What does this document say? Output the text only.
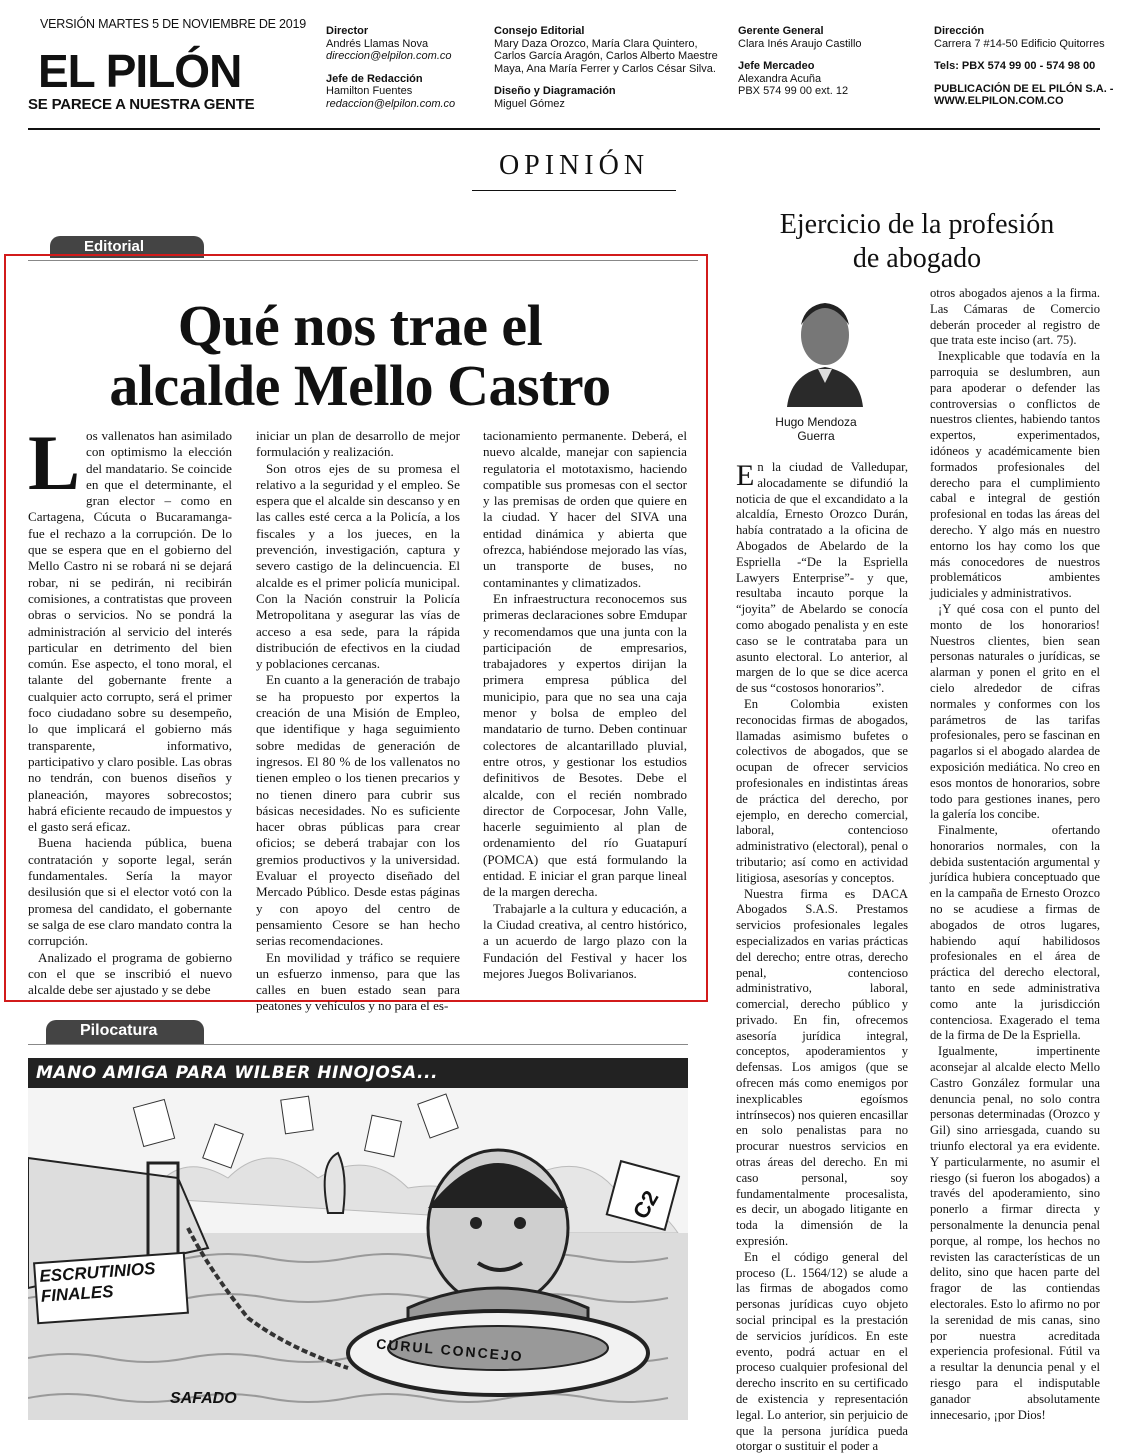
VERSIÓN MARTES 5 DE NOVIEMBRE DE 2019
EL PILÓN
SE PARECE A NUESTRA GENTE
Director
Andrés Llamas Nova
direccion@elpilon.com.co

Jefe de Redacción
Hamilton Fuentes
redaccion@elpilon.com.co
Consejo Editorial
Mary Daza Orozco, María Clara Quintero,
Carlos García Aragón, Carlos Alberto Maestre
Maya, Ana María Ferrer y Carlos César Silva.

Diseño y Diagramación
Miguel Gómez
Gerente General
Clara Inés Araujo Castillo

Jefe Mercadeo
Alexandra Acuña
PBX 574 99 00 ext. 12
Dirección
Carrera 7 #14-50 Edificio Quitorres

Tels: PBX 574 99 00 - 574 98 00

PUBLICACIÓN DE EL PILÓN S.A. -
WWW.ELPILON.COM.CO
OPINIÓN
Editorial
Qué nos trae el
alcalde Mello Castro
L os vallenatos han asimilado con optimismo la elección del mandatario. Se coincide en que el determinante, el gran elector – como en Cartagena, Cúcuta o Bucaramanga- fue el rechazo a la corrupción. De lo que se espera que en el gobierno del Mello Castro ni se robará ni se dejará robar, ni se pedirán, ni recibirán comisiones, a contratistas que proveen obras o servicios. No se pondrá la administración al servicio del interés particular en detrimento del bien común. Ese aspecto, el tono moral, el talante del gobernante frente a cualquier acto corrupto, será el primer foco ciudadano sobre su desempeño, lo que implicará el gobierno más transparente, informativo, participativo y claro posible. Las obras no tendrán, con buenos diseños y planeación, mayores sobrecostos; habrá eficiente recaudo de impuestos y el gasto será eficaz.

Buena hacienda pública, buena contratación y soporte legal, serán fundamentales. Sería la mayor desilusión que si el elector votó con la promesa del candidato, el gobernante se salga de ese claro mandato contra la corrupción.

Analizado el programa de gobierno con el que se inscribió el nuevo alcalde debe ser ajustado y se debe

iniciar un plan de desarrollo de mejor formulación y realización.

Son otros ejes de su promesa el relativo a la seguridad y el empleo. Se espera que el alcalde sin descanso y en las calles esté cerca a la Policía, a los fiscales y a los jueces, en la prevención, investigación, captura y severo castigo de la delincuencia. El alcalde es el primer policía municipal. Con la Nación construir la Policía Metropolitana y asegurar las vías de acceso a esa sede, para la rápida distribución de efectivos en la ciudad y poblaciones cercanas.

En cuanto a la generación de trabajo se ha propuesto por expertos la creación de una Misión de Empleo, que identifique y haga seguimiento sobre medidas de generación de ingresos. El 80 % de los vallenatos no tienen empleo o los tienen precarios y no tienen dinero para cubrir sus básicas necesidades. No es suficiente hacer obras públicas para crear oficios; se deberá trabajar con los gremios productivos y la universidad. Evaluar el proyecto diseñado del Mercado Público. Desde estas páginas y con apoyo del centro de pensamiento Cesore se han hecho serias recomendaciones.

En movilidad y tráfico se requiere un esfuerzo inmenso, para que las calles en buen estado sean para peatones y vehículos y no para el es-

tacionamiento permanente. Deberá, el nuevo alcalde, manejar con sapiencia regulatoria el mototaxismo, haciendo compatible sus promesas con el sector y las premisas de orden que quiere en la ciudad. Y hacer del SIVA una entidad dinámica y abierta que ofrezca, habiéndose mejorado las vías, un transporte de buses, no contaminantes y climatizados.

En infraestructura reconocemos sus primeras declaraciones sobre Emdupar y recomendamos que una junta con la participación de empresarios, trabajadores y expertos dirijan la primera empresa pública del municipio, para que no sea una caja menor y bolsa de empleo del mandatario de turno. Deben continuar colectores de alcantarillado pluvial, entre otros, y gestionar los estudios definitivos de Besotes. Debe el alcalde, con el recién nombrado director de Corpocesar, John Valle, hacerle seguimiento al plan de ordenamiento del río Guatapurí (POMCA) que está formulando la entidad. E iniciar el gran parque lineal de la margen derecha.

Trabajarle a la cultura y educación, a la Ciudad creativa, al centro histórico, a un acuerdo de largo plazo con la Fundación del Festival y hacer los mejores Juegos Bolivarianos.

Pilocatura
MANO AMIGA PARA WILBER HINOJOSA...
ESCRUTINIOS FINALES
CURUL CONCEJO
C2
SAFADO
Ejercicio de la profesión
de abogado
Hugo Mendoza
Guerra
E n la ciudad de Valledupar, alocadamente se difundió la noticia de que el excandidato a la alcaldía, Ernesto Orozco Durán, había contratado a la oficina de Abogados de Abelardo de la Espriella -“De la Espriella Lawyers Enterprise”- y que, resultaba incauto porque la “joyita” de Abelardo se conocía como abogado penalista y en este caso se le contrataba para un asunto electoral. Lo anterior, al margen de lo que se dice acerca de sus “costosos honorarios”.

En Colombia existen reconocidas firmas de abogados, llamadas asimismo bufetes o colectivos de abogados, que se ocupan de ofrecer servicios profesionales en indistintas áreas de práctica del derecho, por ejemplo, en derecho comercial, laboral, contencioso administrativo (electoral), penal o tributario; así como en actividad litigiosa, asesorías y conceptos.

Nuestra firma es DACA Abogados S.A.S. Prestamos servicios profesionales legales especializados en varias prácticas del derecho; entre otras, derecho penal, contencioso administrativo, laboral, comercial, derecho público y privado. En fin, ofrecemos asesoría jurídica integral, conceptos, apoderamientos y defensas. Los amigos (que se ofrecen más como enemigos por inexplicables egoísmos intrínsecos) nos quieren encasillar en solo penalistas para no procurar nuestros servicios en otras áreas del derecho. En mi caso personal, soy fundamentalmente procesalista, es decir, un abogado litigante en toda la dimensión de la expresión.

En el código general del proceso (L. 1564/12) se alude a las firmas de abogados como personas jurídicas cuyo objeto social principal es la prestación de servicios jurídicos. En este evento, podrá actuar en el proceso cualquier profesional del derecho inscrito en su certificado de existencia y representación legal. Lo anterior, sin perjuicio de que la persona jurídica pueda otorgar o sustituir el poder a

otros abogados ajenos a la firma. Las Cámaras de Comercio deberán proceder al registro de que trata este inciso (art. 75).

Inexplicable que todavía en la parroquia se deslumbren, aun para apoderar o defender las controversias o conflictos de nuestros clientes, habiendo tantos expertos, experimentados, idóneos y académicamente bien formados profesionales del derecho para el cumplimiento cabal e integral de gestión profesional en todas las áreas del derecho. Y algo más en nuestro entorno los hay como los que más conocedores de nuestros problemáticos ambientes judiciales y administrativos.

¡Y qué cosa con el punto del monto de los honorarios! Nuestros clientes, bien sean personas naturales o jurídicas, se alarman y ponen el grito en el cielo alrededor de cifras normales y conformes con los parámetros de las tarifas profesionales, pero se fascinan en pagarlos si el abogado alardea de exposición mediática. No creo en esos montos de honorarios, sobre todo para gestiones inanes, pero la galería los concibe.

Finalmente, ofertando honorarios normales, con la debida sustentación argumental y jurídica hubiera conceptuado que en la campaña de Ernesto Orozco no se acudiese a firmas de abogados de otros lugares, habiendo aquí habilidosos profesionales en el área de práctica del derecho electoral, tanto en sede administrativa como ante la jurisdicción contenciosa. Exagerado el tema de la firma de De la Espriella.

Igualmente, impertinente aconsejar al alcalde electo Mello Castro González formular una denuncia penal, no solo contra personas determinadas (Orozco y Gil) sino arriesgada, cuando su triunfo electoral ya era evidente. Y particularmente, no asumir el riesgo (si fueron los abogados) a través del apoderamiento, sino ponerlo a firmar directa y personalmente la denuncia penal porque, al rompe, los hechos no revisten las características de un delito, sino que hacen parte del fragor de las contiendas electorales. Esto lo afirmo no por la serenidad de mis canas, sino por nuestra acreditada experiencia profesional. Fútil va a resultar la denuncia penal y el riesgo para el indisputable ganador absolutamente innecesario, ¡por Dios!
